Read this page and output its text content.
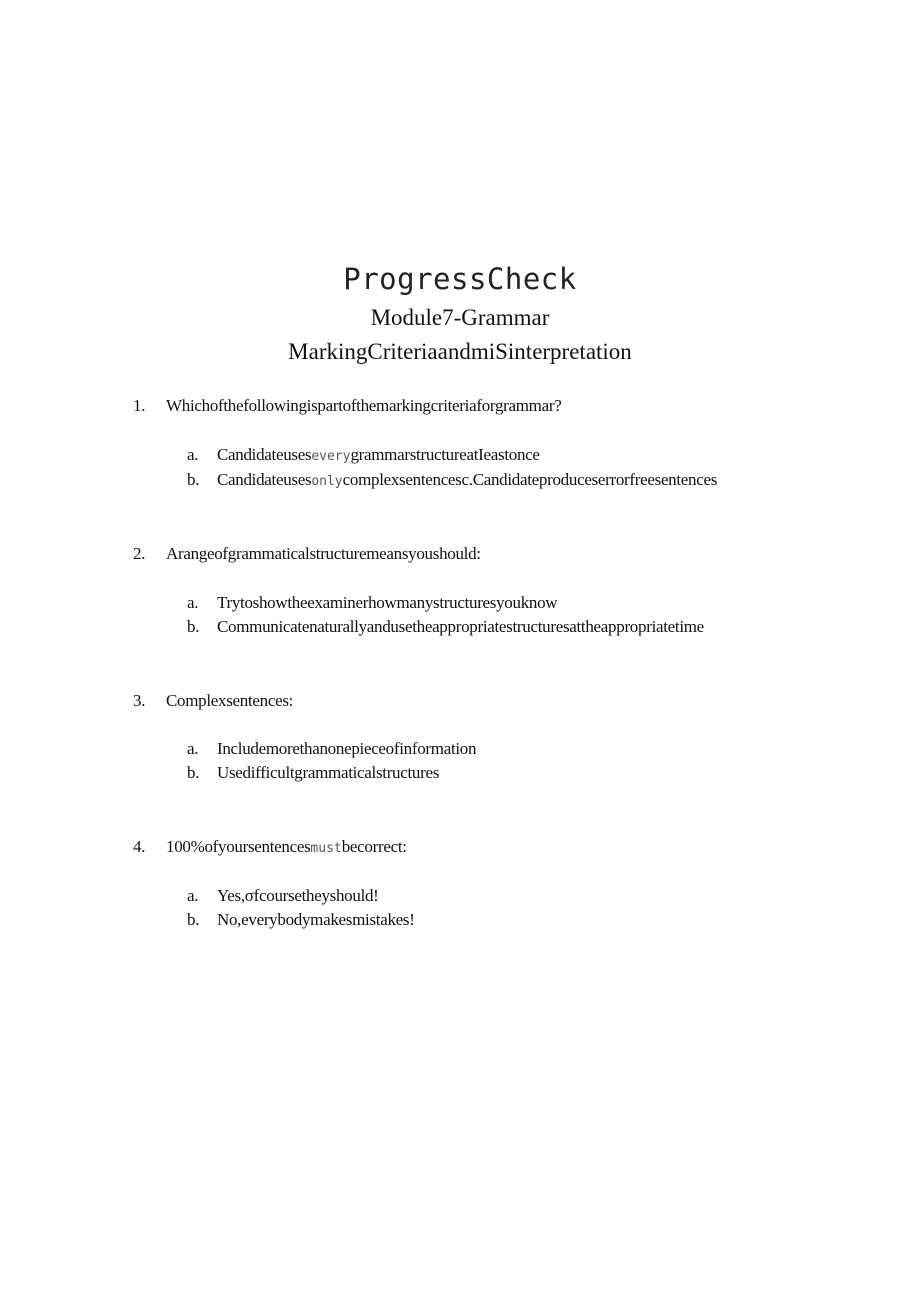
ProgressCheck
Module7-Grammar
MarkingCriteriaandmiSinterpretation
1. Whichofthefollowingispartofthemarkingcriteriaforgrammar?
a. CandidateuseseverygrammarstructureatIeastonce
b. Candidateusesonlycomplexsentencesc.Candidateproduceserrorfreesentences
2. Arangeofgrammaticalstructuremeansyoushould:
a. Trytoshowtheexaminerhowmanystructuresyouknow
b. Communicatenaturallyandusetheappropriatestructuresattheappropriatetime
3. Complexsentences:
a. Includemorethanonepieceofinformation
b. Usedifficultgrammaticalstructures
4. 100%ofyoursentencesmustbecorrect:
a. Yes,σfcoursetheyshould!
b. No,everybodymakesmistakes!
